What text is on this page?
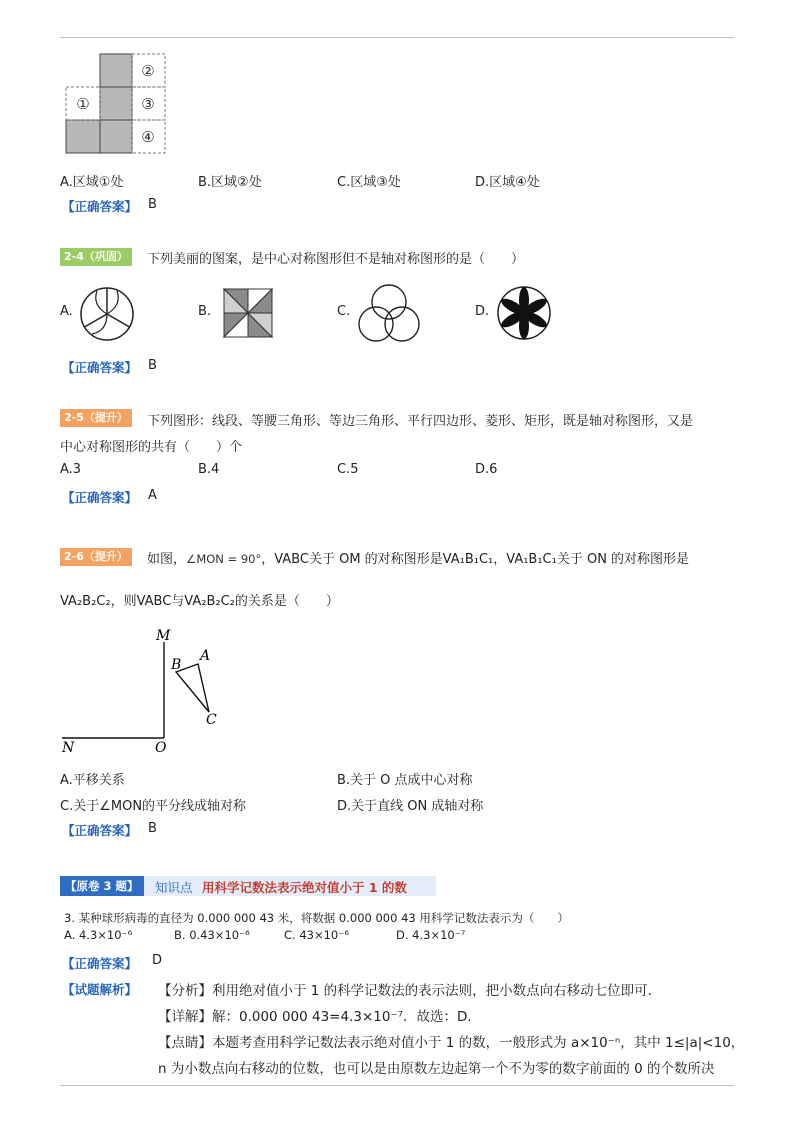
②
①	③
④
A.区域①处	B.区域②处	C.区域③处	D.区域④处
【正确答案】 B
2-4（巩固）	下列美丽的图案，是中心对称图形但不是轴对称图形的是（　　）
A.	B.	C.	D.
【正确答案】 B
2-5（提升）	下列图形：线段、等腰三角形、等边三角形、平行四边形、菱形、矩形，既是轴对称图形，又是
中心对称图形的共有（　　）个
A.3	B.4	C.5	D.6
【正确答案】 A
2-6（提升）	如图，∠MON = 90°，VABC关于 OM 的对称图形是VA₁B₁C₁，VA₁B₁C₁关于 ON 的对称图形是
VA₂B₂C₂，则VABC与VA₂B₂C₂的关系是（　　）
M
N	O
B
A
C
A.平移关系	B.关于 O 点成中心对称
C.关于∠MON的平分线成轴对称	D.关于直线 ON 成轴对称
【正确答案】 B
【原卷 3 题】	知识点 用科学记数法表示绝对值小于 1 的数
3. 某种球形病毒的直径为 0.000 000 43 米，将数据 0.000 000 43 用科学记数法表示为（　　）
A. 4.3×10⁻⁶	B. 0.43×10⁻⁶	C. 43×10⁻⁶	D. 4.3×10⁻⁷
【正确答案】 D
【试题解析】 【分析】利用绝对值小于 1 的科学记数法的表示法则，把小数点向右移动七位即可．
【详解】解：0.000 000 43=4.3×10⁻⁷．故选：D．
【点睛】本题考查用科学记数法表示绝对值小于 1 的数，一般形式为 a×10⁻ⁿ，其中 1≤|a|<10，
n 为小数点向右移动的位数，也可以是由原数左边起第一个不为零的数字前面的 0 的个数所决
